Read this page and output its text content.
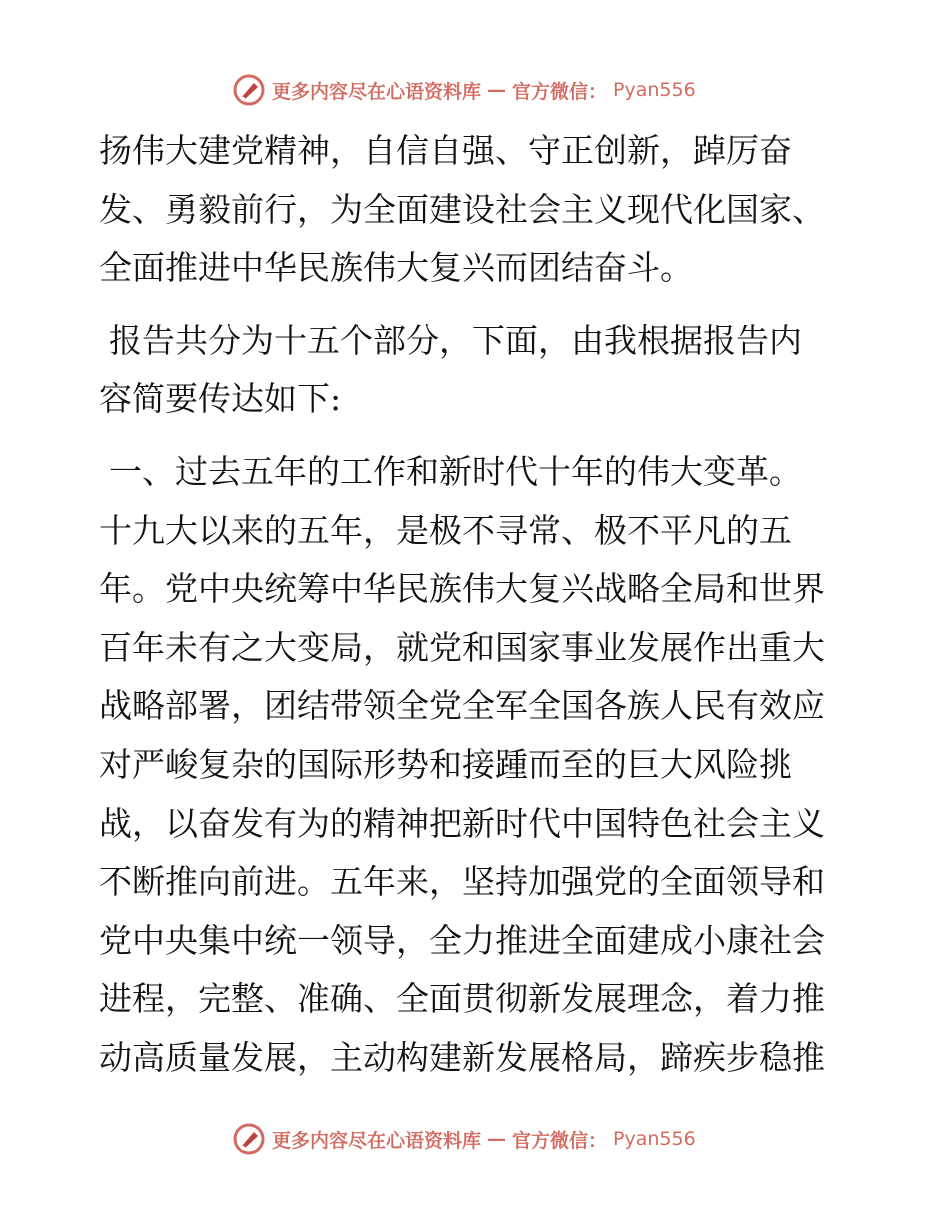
更多内容尽在心语资料库 — 官方微信： Pyan556
扬伟大建党精神，自信自强、守正创新，踔厉奋
发、勇毅前行，为全面建设社会主义现代化国家、
全面推进中华民族伟大复兴而团结奋斗。
报告共分为十五个部分，下面，由我根据报告内
容简要传达如下:
一、过去五年的工作和新时代十年的伟大变革。
十九大以来的五年，是极不寻常、极不平凡的五
年。党中央统筹中华民族伟大复兴战略全局和世界
百年未有之大变局，就党和国家事业发展作出重大
战略部署，团结带领全党全军全国各族人民有效应
对严峻复杂的国际形势和接踵而至的巨大风险挑
战，以奋发有为的精神把新时代中国特色社会主义
不断推向前进。五年来，坚持加强党的全面领导和
党中央集中统一领导，全力推进全面建成小康社会
进程，完整、准确、全面贯彻新发展理念，着力推
动高质量发展，主动构建新发展格局，蹄疾步稳推
更多内容尽在心语资料库 — 官方微信： Pyan556
